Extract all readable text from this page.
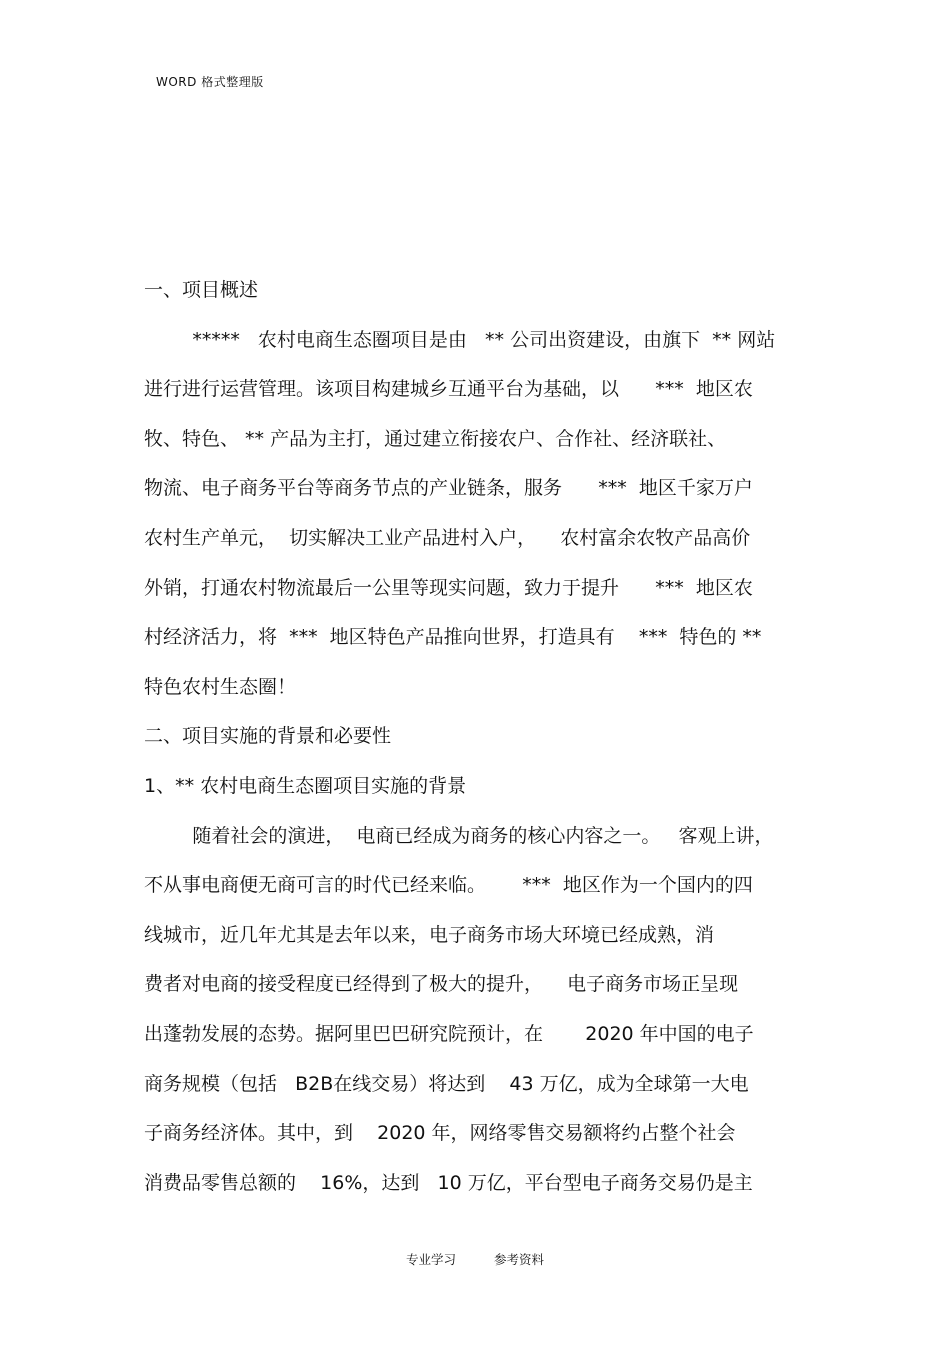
WORD 格式整理版
一、项目概述
*****   农村电商生态圈项目是由   ** 公司出资建设，由旗下  ** 网站
进行进行运营管理。该项目构建城乡互通平台为基础，以      ***  地区农
牧、特色、 ** 产品为主打，通过建立衔接农户、合作社、经济联社、
物流、电子商务平台等商务节点的产业链条，服务      ***  地区千家万户
农村生产单元，  切实解决工业产品进村入户，    农村富余农牧产品高价
外销，打通农村物流最后一公里等现实问题，致力于提升      ***  地区农
村经济活力，将  ***  地区特色产品推向世界，打造具有    ***  特色的 **
特色农村生态圈！
二、项目实施的背景和必要性
1、** 农村电商生态圈项目实施的背景
随着社会的演进，  电商已经成为商务的核心内容之一。   客观上讲，
不从事电商便无商可言的时代已经来临。      ***  地区作为一个国内的四
线城市，近几年尤其是去年以来，电子商务市场大环境已经成熟，消
费者对电商的接受程度已经得到了极大的提升，    电子商务市场正呈现
出蓬勃发展的态势。据阿里巴巴研究院预计，在       2020 年中国的电子
商务规模（包括   B2B在线交易）将达到    43 万亿，成为全球第一大电
子商务经济体。其中，到    2020 年，网络零售交易额将约占整个社会
消费品零售总额的    16%，达到   10 万亿，平台型电子商务交易仍是主
专业学习	参考资料
